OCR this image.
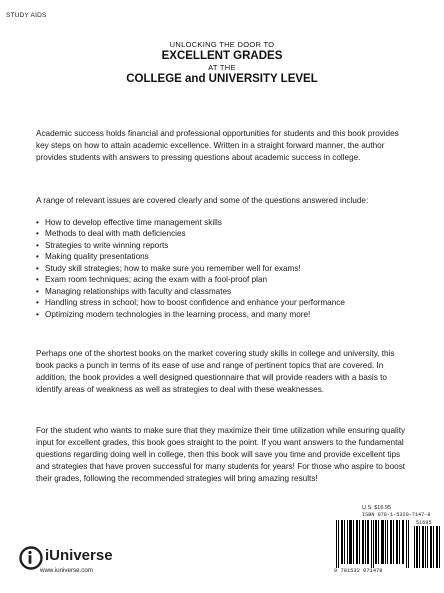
STUDY AIDS
UNLOCKING THE DOOR TO
EXCELLENT GRADES
AT THE
COLLEGE and UNIVERSITY LEVEL

Academic success holds financial and professional opportunities for students and this book provides key steps on how to attain academic excellence. Written in a straight forward manner, the author provides students with answers to pressing questions about academic success in college.

A range of relevant issues are covered clearly and some of the questions answered include:

• How to develop effective time management skills
• Methods to deal with math deficiencies
• Strategies to write winning reports
• Making quality presentations
• Study skill strategies; how to make sure you remember well for exams!
• Exam room techniques; acing the exam with a fool-proof plan
• Managing relationships with faculty and classmates
• Handling stress in school; how to boost confidence and enhance your performance
• Optimizing modern technologies in the learning process, and many more!

Perhaps one of the shortest books on the market covering study skills in college and university, this book packs a punch in terms of its ease of use and range of pertinent topics that are covered. In addition, the book provides a well designed questionnaire that will provide readers with a basis to identify areas of weakness as well as strategies to deal with these weaknesses.

For the student who wants to make sure that they maximize their time utilization while ensuring quality input for excellent grades, this book goes straight to the point. If you want answers to the fundamental questions regarding doing well in college, then this book will save you time and provide excellent tips and strategies that have proven successful for many students for years! For those who aspire to boost their grades, following the recommended strategies will bring amazing results!

U.S. $16.95
ISBN 978-1-5320-7147-8
51695
9 781532 071478
iUniverse
www.iuniverse.com
